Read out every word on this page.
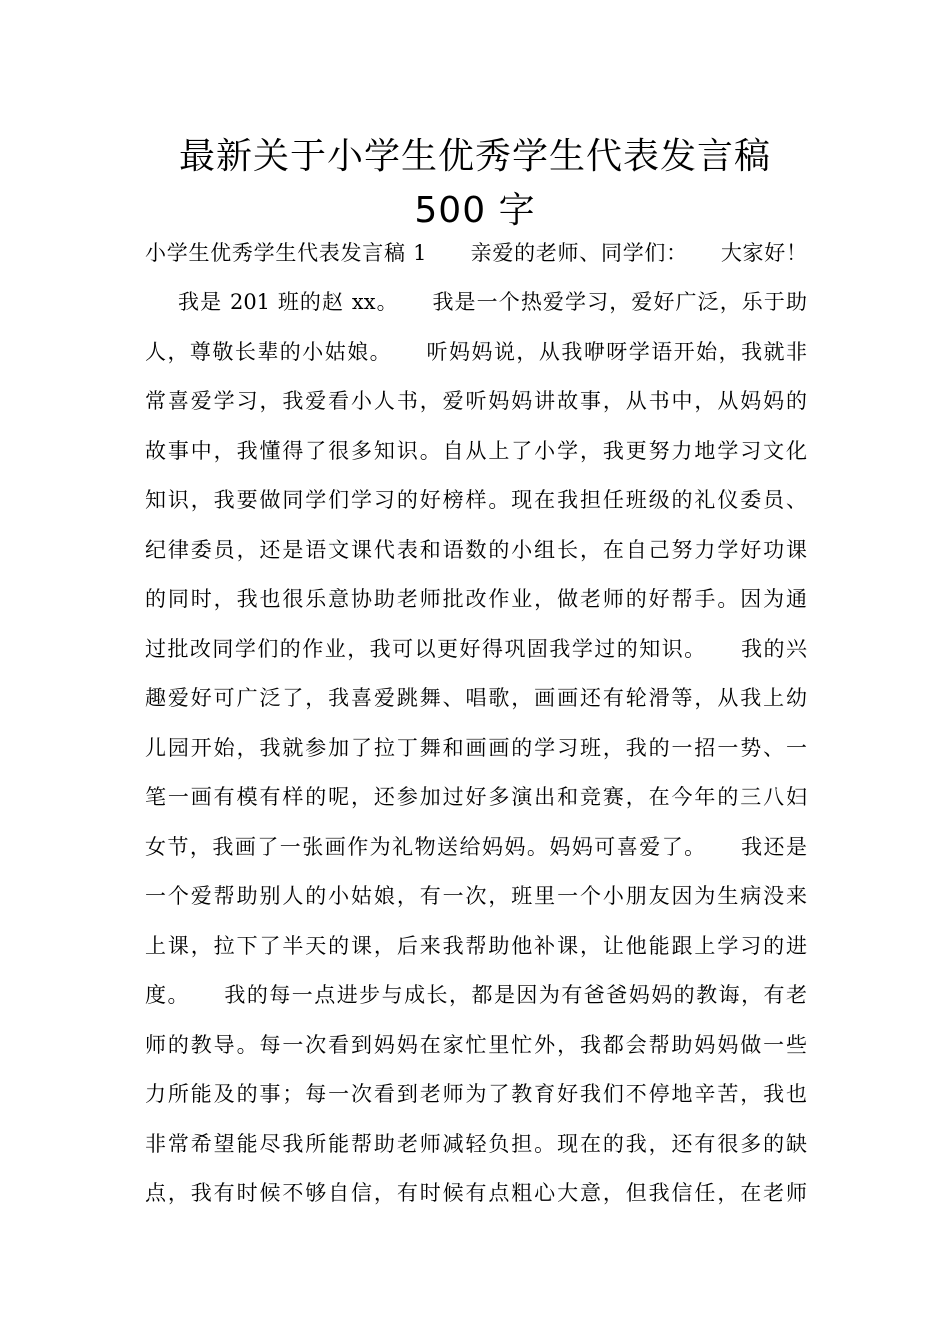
最新关于小学生优秀学生代表发言稿
500 字

小学生优秀学生代表发言稿 1　　亲爱的老师、同学们：　　大家好！

我是 201 班的赵 xx。　　我是一个热爱学习，爱好广泛，乐于助

人，尊敬长辈的小姑娘。　　听妈妈说，从我咿呀学语开始，我就非

常喜爱学习，我爱看小人书，爱听妈妈讲故事，从书中，从妈妈的

故事中，我懂得了很多知识。自从上了小学，我更努力地学习文化

知识，我要做同学们学习的好榜样。现在我担任班级的礼仪委员、

纪律委员，还是语文课代表和语数的小组长，在自己努力学好功课

的同时，我也很乐意协助老师批改作业，做老师的好帮手。因为通

过批改同学们的作业，我可以更好得巩固我学过的知识。　　我的兴

趣爱好可广泛了，我喜爱跳舞、唱歌，画画还有轮滑等，从我上幼

儿园开始，我就参加了拉丁舞和画画的学习班，我的一招一势、一

笔一画有模有样的呢，还参加过好多演出和竞赛，在今年的三八妇

女节，我画了一张画作为礼物送给妈妈。妈妈可喜爱了。　　我还是

一个爱帮助别人的小姑娘，有一次，班里一个小朋友因为生病没来

上课，拉下了半天的课，后来我帮助他补课，让他能跟上学习的进

度。　　我的每一点进步与成长，都是因为有爸爸妈妈的教诲，有老

师的教导。每一次看到妈妈在家忙里忙外，我都会帮助妈妈做一些

力所能及的事；每一次看到老师为了教育好我们不停地辛苦，我也

非常希望能尽我所能帮助老师减轻负担。现在的我，还有很多的缺

点，我有时候不够自信，有时候有点粗心大意，但我信任，在老师
